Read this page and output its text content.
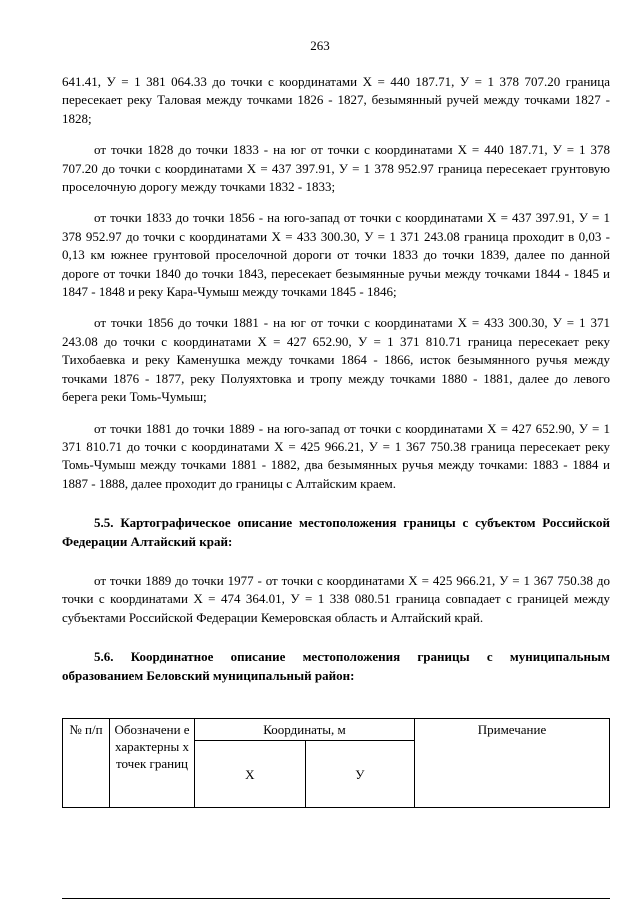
263

641.41, У = 1 381 064.33 до точки с координатами Х = 440 187.71, У = 1 378 707.20 граница пересекает реку Таловая между точками 1826 - 1827, безымянный ручей между точками 1827 - 1828;

от точки 1828 до точки 1833 - на юг от точки с координатами Х = 440 187.71, У = 1 378 707.20 до точки с координатами Х = 437 397.91, У = 1 378 952.97 граница пересекает грунтовую проселочную дорогу между точками 1832 - 1833;

от точки 1833 до точки 1856 - на юго-запад от точки с координатами Х = 437 397.91, У = 1 378 952.97 до точки с координатами Х = 433 300.30, У = 1 371 243.08 граница проходит в 0,03 - 0,13 км южнее грунтовой проселочной дороги от точки 1833 до точки 1839, далее по данной дороге от точки 1840 до точки 1843, пересекает безымянные ручьи между точками 1844 - 1845 и 1847 - 1848 и реку Кара-Чумыш между точками 1845 - 1846;

от точки 1856 до точки 1881 - на юг от точки с координатами Х = 433 300.30, У = 1 371 243.08 до точки с координатами Х = 427 652.90, У = 1 371 810.71 граница пересекает реку Тихобаевка и реку Каменушка между точками 1864 - 1866, исток безымянного ручья между точками 1876 - 1877, реку Полуяхтовка и тропу между точками 1880 - 1881, далее до левого берега реки Томь-Чумыш;

от точки 1881 до точки 1889 - на юго-запад от точки с координатами Х = 427 652.90, У = 1 371 810.71 до точки с координатами Х = 425 966.21, У = 1 367 750.38 граница пересекает реку Томь-Чумыш между точками 1881 - 1882, два безымянных ручья между точками: 1883 - 1884 и 1887 - 1888, далее проходит до границы с Алтайским краем.

5.5. Картографическое описание местоположения границы с субъектом Российской Федерации Алтайский край:

от точки 1889 до точки 1977 - от точки с координатами Х = 425 966.21, У = 1 367 750.38 до точки с координатами Х = 474 364.01, У = 1 338 080.51 граница совпадает с границей между субъектами Российской Федерации Кемеровская область и Алтайский край.

5.6. Координатное описание местоположения границы с муниципальным образованием Беловский муниципальный район:
№ п/п	Обозначени е характерны х точек границ	Координаты, м		Примечание
		Х	У	
